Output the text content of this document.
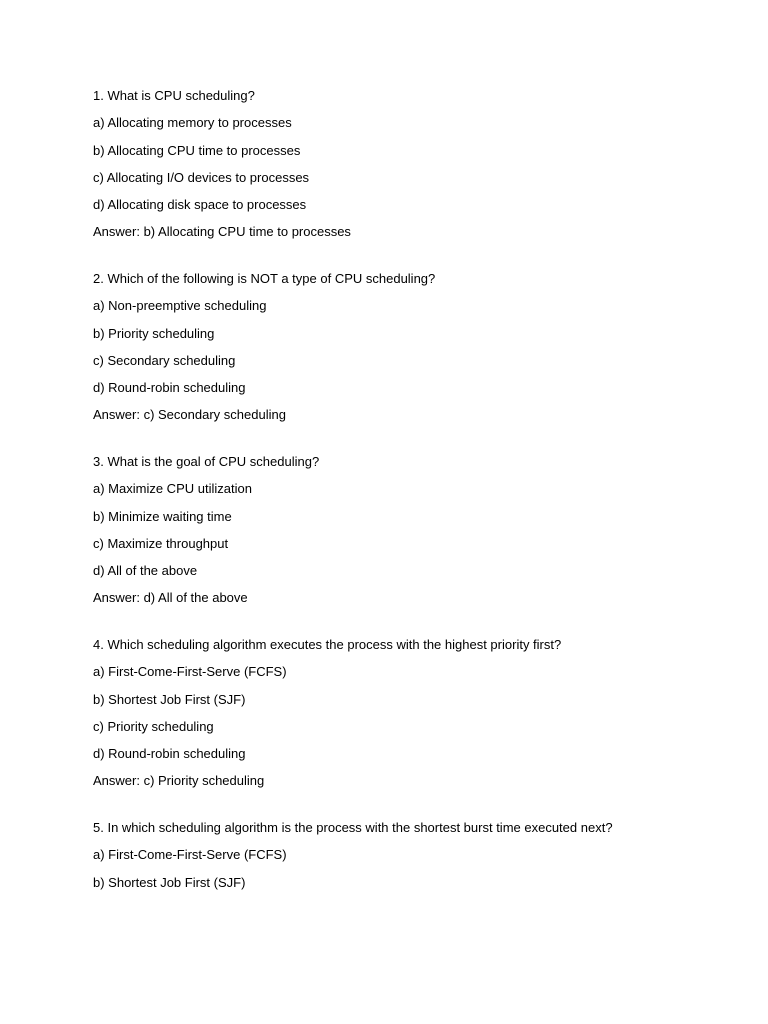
1. What is CPU scheduling?
a) Allocating memory to processes
b) Allocating CPU time to processes
c) Allocating I/O devices to processes
d) Allocating disk space to processes
Answer: b) Allocating CPU time to processes
2. Which of the following is NOT a type of CPU scheduling?
a) Non-preemptive scheduling
b) Priority scheduling
c) Secondary scheduling
d) Round-robin scheduling
Answer: c) Secondary scheduling
3. What is the goal of CPU scheduling?
a) Maximize CPU utilization
b) Minimize waiting time
c) Maximize throughput
d) All of the above
Answer: d) All of the above
4. Which scheduling algorithm executes the process with the highest priority first?
a) First-Come-First-Serve (FCFS)
b) Shortest Job First (SJF)
c) Priority scheduling
d) Round-robin scheduling
Answer: c) Priority scheduling
5. In which scheduling algorithm is the process with the shortest burst time executed next?
a) First-Come-First-Serve (FCFS)
b) Shortest Job First (SJF)
